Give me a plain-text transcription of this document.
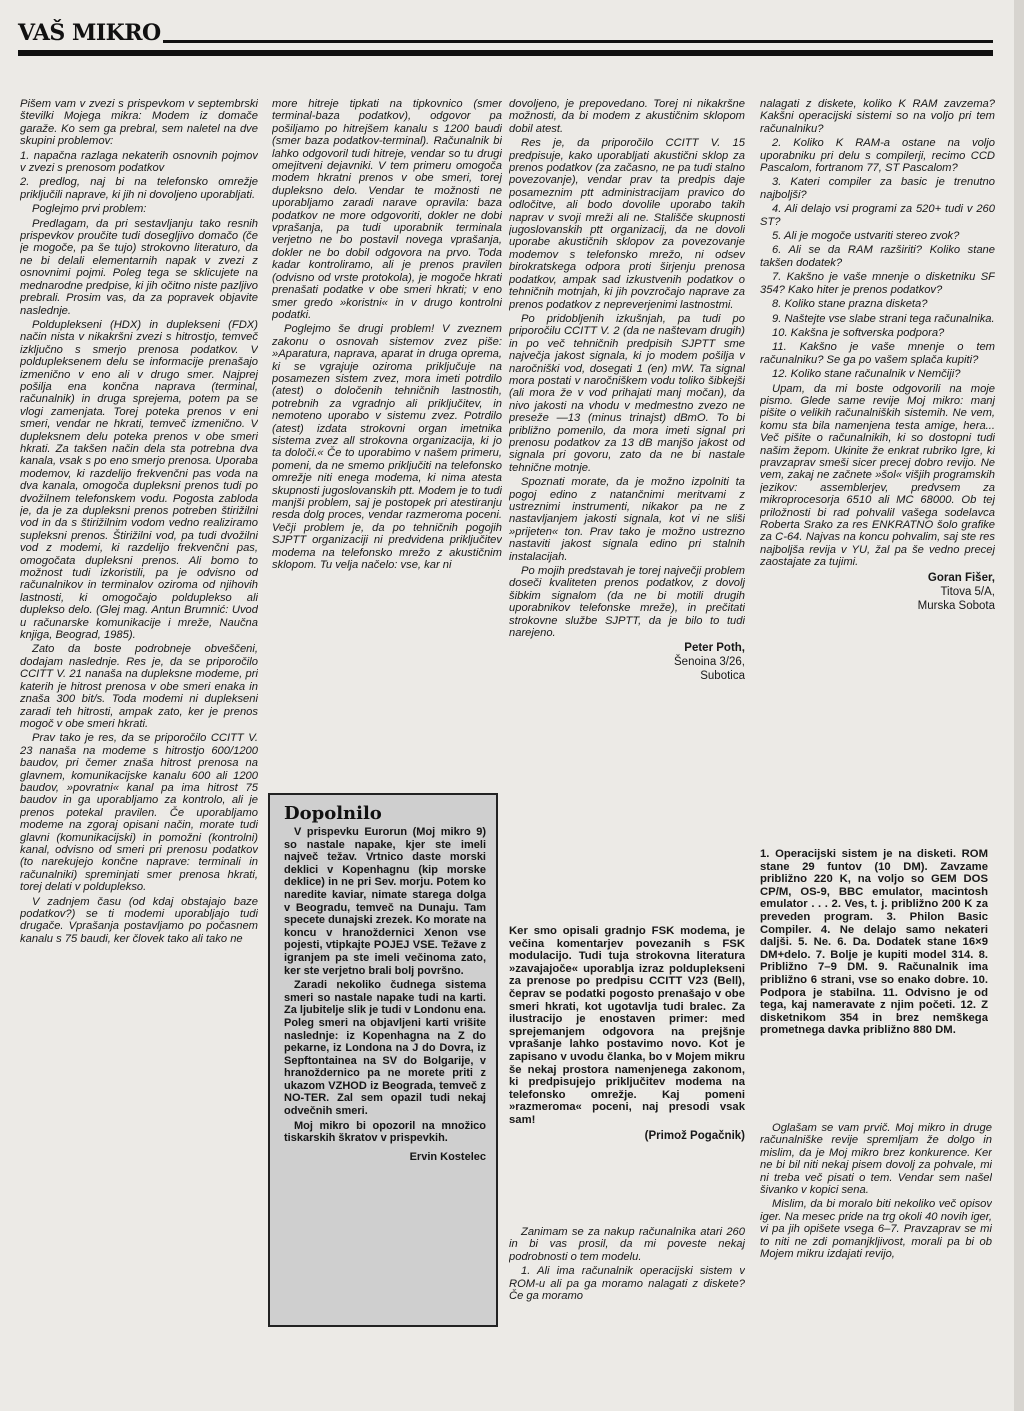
VAŠ MIKRO

Pišem vam v zvezi s prispevkom v septembrski številki Mojega mikra: Modem iz domače garaže. Ko sem ga prebral, sem naletel na dve skupini problemov:

1. napačna razlaga nekaterih osnovnih pojmov v zvezi s prenosom podatkov

2. predlog, naj bi na telefonsko omrežje priključili naprave, ki jih ni dovoljeno uporabljati.

Poglejmo prvi problem:

Predlagam, da pri sestavljanju tako resnih prispevkov proučite tudi dosegljivo domačo (če je mogoče, pa še tujo) strokovno literaturo, da ne bi delali elementarnih napak v zvezi z osnovnimi pojmi. Poleg tega se sklicujete na mednarodne predpise, ki jih očitno niste pazljivo prebrali. Prosim vas, da za popravek objavite naslednje.

Polduplekseni (HDX) in duplekseni (FDX) način nista v nikakršni zvezi s hitrostjo, temveč izključno s smerjo prenosa podatkov. V poldupleksenem delu se informacije prenašajo izmenično v eno ali v drugo smer. Najprej pošilja ena končna naprava (terminal, računalnik) in druga sprejema, potem pa se vlogi zamenjata. Torej poteka prenos v eni smeri, vendar ne hkrati, temveč izmenično. V dupleksnem delu poteka prenos v obe smeri hkrati. Za takšen način dela sta potrebna dva kanala, vsak s po eno smerjo prenosa. Uporaba modemov, ki razdelijo frekvenčni pas voda na dva kanala, omogoča dupleksni prenos tudi po dvožilnem telefonskem vodu. Pogosta zabloda je, da je za dupleksni prenos potreben štirižilni vod in da s štirižilnim vodom vedno realiziramo supleksni prenos. Štirižilni vod, pa tudi dvožilni vod z modemi, ki razdelijo frekvenčni pas, omogočata dupleksni prenos. Ali bomo to možnost tudi izkoristili, pa je odvisno od računalnikov in terminalov oziroma od njihovih lastnosti, ki omogočajo polduplekso ali duplekso delo. (Glej mag. Antun Brumnić: Uvod u računarske komunikacije i mreže, Naučna knjiga, Beograd, 1985).

Zato da boste podrobneje obveščeni, dodajam naslednje. Res je, da se priporočilo CCITT V. 21 nanaša na dupleksne modeme, pri katerih je hitrost prenosa v obe smeri enaka in znaša 300 bit/s. Toda modemi ni duplekseni zaradi teh hitrosti, ampak zato, ker je prenos mogoč v obe smeri hkrati.

Prav tako je res, da se priporočilo CCITT V. 23 nanaša na modeme s hitrostjo 600/1200 baudov, pri čemer znaša hitrost prenosa na glavnem, komunikacijske kanalu 600 ali 1200 baudov, »povratni« kanal pa ima hitrost 75 baudov in ga uporabljamo za kontrolo, ali je prenos potekal pravilen. Če uporabljamo modeme na zgoraj opisani način, morate tudi glavni (komunikacijski) in pomožni (kontrolni) kanal, odvisno od smeri pri prenosu podatkov (to narekujejo končne naprave: terminali in računalniki) spreminjati smer prenosa hkrati, torej delati v polduplekso.

V zadnjem času (od kdaj obstajajo baze podatkov?) se ti modemi uporabljajo tudi drugače. Vprašanja postavljamo po počasnem kanalu s 75 baudi, ker človek tako ali tako ne

more hitreje tipkati na tipkovnico (smer terminal-baza podatkov), odgovor pa pošiljamo po hitrejšem kanalu s 1200 baudi (smer baza podatkov-terminal). Računalnik bi lahko odgovoril tudi hitreje, vendar so tu drugi omejitveni dejavniki. V tem primeru omogoča modem hkratni prenos v obe smeri, torej dupleksno delo. Vendar te možnosti ne uporabljamo zaradi narave opravila: baza podatkov ne more odgovoriti, dokler ne dobi vprašanja, pa tudi uporabnik terminala verjetno ne bo postavil novega vprašanja, dokler ne bo dobil odgovora na prvo. Toda kadar kontroliramo, ali je prenos pravilen (odvisno od vrste protokola), je mogoče hkrati prenašati podatke v obe smeri hkrati; v eno smer gredo »koristni« in v drugo kontrolni podatki.

Poglejmo še drugi problem! V zveznem zakonu o osnovah sistemov zvez piše: »Aparatura, naprava, aparat in druga oprema, ki se vgrajuje oziroma priključuje na posamezen sistem zvez, mora imeti potrdilo (atest) o določenih tehničnih lastnostih, potrebnih za vgradnjo ali priključitev, in nemoteno uporabo v sistemu zvez. Potrdilo (atest) izdata strokovni organ imetnika sistema zvez all strokovna organizacija, ki jo ta določi.« Če to uporabimo v našem primeru, pomeni, da ne smemo priključiti na telefonsko omrežje niti enega modema, ki nima atesta skupnosti jugoslovanskih ptt. Modem je to tudi manjši problem, saj je postopek pri atestiranju resda dolg proces, vendar razmeroma poceni. Večji problem je, da po tehničnih pogojih SJPTT organizaciji ni predvidena priključitev modema na telefonsko mrežo z akustičnim sklopom. Tu velja načelo: vse, kar ni

Dopolnilo

V prispevku Eurorun (Moj mikro 9) so nastale napake, kjer ste imeli največ težav. Vrtnico daste morski deklici v Kopenhagnu (kip morske deklice) in ne pri Sev. morju. Potem ko naredite kaviar, nimate starega dolga v Beogradu, temveč na Dunaju. Tam specete dunajski zrezek. Ko morate na koncu v hranoždernici Xenon vse pojesti, vtipkajte POJEJ VSE. Težave z igranjem pa ste imeli večinoma zato, ker ste verjetno brali bolj površno.

Zaradi nekoliko čudnega sistema smeri so nastale napake tudi na karti. Za ljubitelje slik je tudi v Londonu ena. Poleg smeri na objavljeni karti vrišite naslednje: iz Kopenhagna na Z do pekarne, iz Londona na J do Dovra, iz Sepftontainea na SV do Bolgarije, v hranoždernico pa ne morete priti z ukazom VZHOD iz Beograda, temveč z NO-TER. Zal sem opazil tudi nekaj odvečnih smeri.

Moj mikro bi opozoril na množico tiskarskih škratov v prispevkih.

Ervin Kostelec

dovoljeno, je prepovedano. Torej ni nikakršne možnosti, da bi modem z akustičnim sklopom dobil atest.

Res je, da priporočilo CCITT V. 15 predpisuje, kako uporabljati akustični sklop za prenos podatkov (za začasno, ne pa tudi stalno povezovanje), vendar prav ta predpis daje posameznim ptt administracijam pravico do odločitve, ali bodo dovolile uporabo takih naprav v svoji mreži ali ne. Stališče skupnosti jugoslovanskih ptt organizacij, da ne dovoli uporabe akustičnih sklopov za povezovanje modemov s telefonsko mrežo, ni odsev birokratskega odpora proti širjenju prenosa podatkov, ampak sad izkustvenih podatkov o tehničnih motnjah, ki jih povzročajo naprave za prenos podatkov z nepreverjenimi lastnostmi.

Po pridobljenih izkušnjah, pa tudi po priporočilu CCITT V. 2 (da ne naštevam drugih) in po več tehničnih predpisih SJPTT sme največja jakost signala, ki jo modem pošilja v naročniški vod, dosegati 1 (en) mW. Ta signal mora postati v naročniškem vodu toliko šibkejši (ali mora že v vod prihajati manj močan), da nivo jakosti na vhodu v medmestno zvezo ne preseže —13 (minus trinajst) dBmO. To bi približno pomenilo, da mora imeti signal pri prenosu podatkov za 13 dB manjšo jakost od signala pri govoru, zato da ne bi nastale tehnične motnje.

Spoznati morate, da je možno izpolniti ta pogoj edino z natančnimi meritvami z ustreznimi instrumenti, nikakor pa ne z nastavljanjem jakosti signala, kot vi ne sliši »prijeten« ton. Prav tako je možno ustrezno nastaviti jakost signala edino pri stalnih instalacijah.

Po mojih predstavah je torej največji problem doseči kvaliteten prenos podatkov, z dovolj šibkim signalom (da ne bi motili drugih uporabnikov telefonske mreže), in prečitati strokovne službe SJPTT, da je bilo to tudi narejeno.

Peter Poth,
Šenoina 3/26,
Subotica

Ker smo opisali gradnjo FSK modema, je večina komentarjev povezanih s FSK modulacijo. Tudi tuja strokovna literatura »zavajajoče« uporablja izraz polduplekseni za prenose po predpisu CCITT V23 (Bell), čeprav se podatki pogosto prenašajo v obe smeri hkrati, kot ugotavlja tudi bralec. Za ilustracijo je enostaven primer: med sprejemanjem odgovora na prejšnje vprašanje lahko postavimo novo. Kot je zapisano v uvodu članka, bo v Mojem mikru še nekaj prostora namenjenega zakonom, ki predpisujejo priključitev modema na telefonsko omrežje. Kaj pomeni »razmeroma« poceni, naj presodi vsak sam!

(Primož Pogačnik)

Zanimam se za nakup računalnika atari 260 in bi vas prosil, da mi poveste nekaj podrobnosti o tem modelu.

1. Ali ima računalnik operacijski sistem v ROM-u ali pa ga moramo nalagati z diskete? Če ga moramo

nalagati z diskete, koliko K RAM zavzema? Kakšni operacijski sistemi so na voljo pri tem računalniku?

2. Koliko K RAM-a ostane na voljo uporabniku pri delu s compilerji, recimo CCD Pascalom, fortranom 77, ST Pascalom?

3. Kateri compiler za basic je trenutno najboljši?

4. Ali delajo vsi programi za 520+ tudi v 260 ST?

5. Ali je mogoče ustvariti stereo zvok?

6. Ali se da RAM razširiti? Koliko stane takšen dodatek?

7. Kakšno je vaše mnenje o disketniku SF 354? Kako hiter je prenos podatkov?

8. Koliko stane prazna disketa?

9. Naštejte vse slabe strani tega računalnika.

10. Kakšna je softverska podpora?

11. Kakšno je vaše mnenje o tem računalniku? Se ga po vašem splača kupiti?

12. Koliko stane računalnik v Nemčiji?

Upam, da mi boste odgovorili na moje pismo. Glede same revije Moj mikro: manj pišite o velikih računalniških sistemih. Ne vem, komu sta bila namenjena testa amige, hera... Več pišite o računalnikih, ki so dostopni tudi našim žepom. Ukinite že enkrat rubriko Igre, ki pravzaprav smeši sicer precej dobro revijo. Ne vem, zakaj ne začnete »šol« višjih programskih jezikov: assemblerjev, predvsem za mikroprocesorja 6510 ali MC 68000. Ob tej priložnosti bi rad pohvalil vašega sodelavca Roberta Srako za res ENKRATNO šolo grafike za C-64. Najvas na koncu pohvalim, saj ste res najboljša revija v YU, žal pa še vedno precej zaostajate za tujimi.

Goran Fišer,
Titova 5/A,
Murska Sobota

1. Operacijski sistem je na disketi. ROM stane 29 funtov (10 DM). Zavzame približno 220 K, na voljo so GEM DOS CP/M, OS-9, BBC emulator, macintosh emulator . . . 2. Ves, t. j. približno 200 K za preveden program. 3. Philon Basic Compiler. 4. Ne delajo samo nekateri daljši. 5. Ne. 6. Da. Dodatek stane 16×9 DM+delo. 7. Bolje je kupiti model 314. 8. Približno 7–9 DM. 9. Računalnik ima približno 6 strani, vse so enako dobre. 10. Podpora je stabilna. 11. Odvisno je od tega, kaj nameravate z njim početi. 12. Z disketnikom 354 in brez nemškega prometnega davka približno 880 DM.

Oglašam se vam prvič. Moj mikro in druge računalniške revije spremljam že dolgo in mislim, da je Moj mikro brez konkurence. Ker ne bi bil niti nekaj pisem dovolj za pohvale, mi ni treba več pisati o tem. Vendar sem našel šivanko v kopici sena.

Mislim, da bi moralo biti nekoliko več opisov iger. Na mesec pride na trg okoli 40 novih iger, vi pa jih opišete vsega 6–7. Pravzaprav se mi to niti ne zdi pomanjkljivost, morali pa bi ob Mojem mikru izdajati revijo,
